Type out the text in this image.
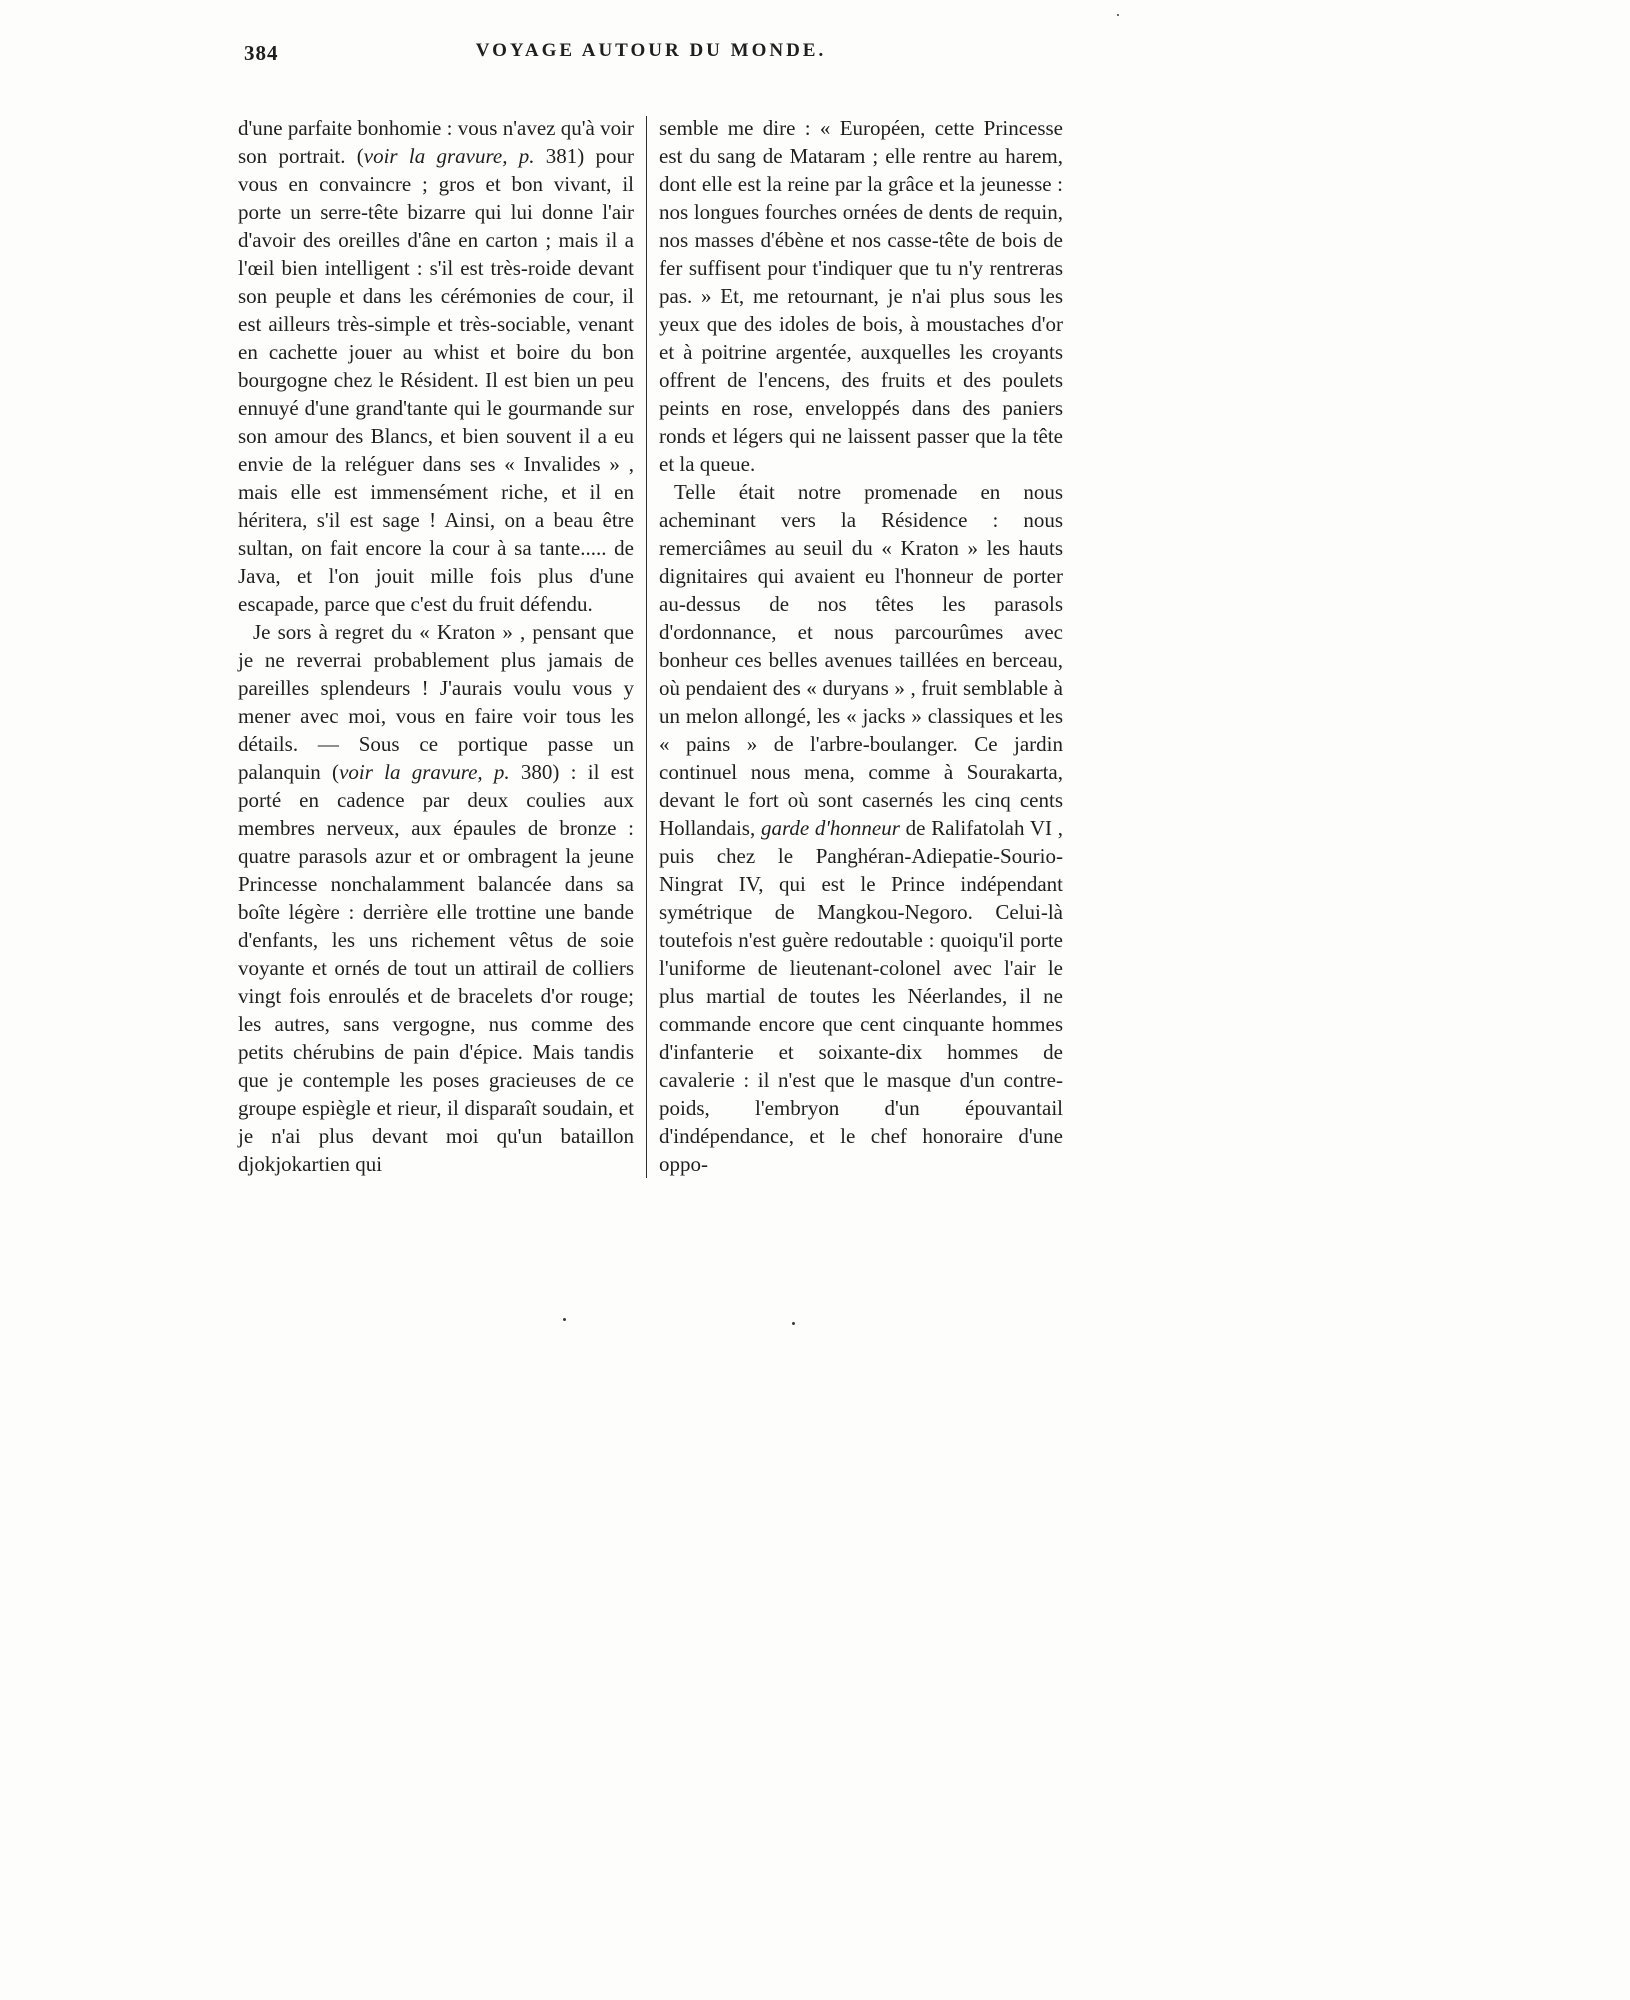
384	VOYAGE AUTOUR DU MONDE.

d'une parfaite bonhomie : vous n'avez qu'à voir son portrait. (voir la gravure, p. 381) pour vous en convaincre ; gros et bon vivant, il porte un serre-tête bizarre qui lui donne l'air d'avoir des oreilles d'âne en carton ; mais il a l'œil bien intelligent : s'il est très-roide devant son peuple et dans les cérémonies de cour, il est ailleurs très-simple et très-sociable, venant en cachette jouer au whist et boire du bon bourgogne chez le Résident. Il est bien un peu ennuyé d'une grand'tante qui le gourmande sur son amour des Blancs, et bien souvent il a eu envie de la reléguer dans ses « Invalides » , mais elle est immensément riche, et il en héritera, s'il est sage ! Ainsi, on a beau être sultan, on fait encore la cour à sa tante..... de Java, et l'on jouit mille fois plus d'une escapade, parce que c'est du fruit défendu.

Je sors à regret du « Kraton » , pensant que je ne reverrai probablement plus jamais de pareilles splendeurs ! J'aurais voulu vous y mener avec moi, vous en faire voir tous les détails. — Sous ce portique passe un palanquin (voir la gravure, p. 380) : il est porté en cadence par deux coulies aux membres nerveux, aux épaules de bronze : quatre parasols azur et or ombragent la jeune Princesse nonchalamment balancée dans sa boîte légère : derrière elle trottine une bande d'enfants, les uns richement vêtus de soie voyante et ornés de tout un attirail de colliers vingt fois enroulés et de bracelets d'or rouge; les autres, sans vergogne, nus comme des petits chérubins de pain d'épice. Mais tandis que je contemple les poses gracieuses de ce groupe espiègle et rieur, il disparaît soudain, et je n'ai plus devant moi qu'un bataillon djokjokartien qui

semble me dire : « Européen, cette Princesse est du sang de Mataram ; elle rentre au harem, dont elle est la reine par la grâce et la jeunesse : nos longues fourches ornées de dents de requin, nos masses d'ébène et nos casse-tête de bois de fer suffisent pour t'indiquer que tu n'y rentreras pas. » Et, me retournant, je n'ai plus sous les yeux que des idoles de bois, à moustaches d'or et à poitrine argentée, auxquelles les croyants offrent de l'encens, des fruits et des poulets peints en rose, enveloppés dans des paniers ronds et légers qui ne laissent passer que la tête et la queue.

Telle était notre promenade en nous acheminant vers la Résidence : nous remerciâmes au seuil du « Kraton » les hauts dignitaires qui avaient eu l'honneur de porter au-dessus de nos têtes les parasols d'ordonnance, et nous parcourûmes avec bonheur ces belles avenues taillées en berceau, où pendaient des « duryans » , fruit semblable à un melon allongé, les « jacks » classiques et les « pains » de l'arbre-boulanger. Ce jardin continuel nous mena, comme à Sourakarta, devant le fort où sont casernés les cinq cents Hollandais, garde d'honneur de Ralifatolah VI , puis chez le Panghéran-Adiepatie-Sourio-Ningrat IV, qui est le Prince indépendant symétrique de Mangkou-Negoro. Celui-là toutefois n'est guère redoutable : quoiqu'il porte l'uniforme de lieutenant-colonel avec l'air le plus martial de toutes les Néerlandes, il ne commande encore que cent cinquante hommes d'infanterie et soixante-dix hommes de cavalerie : il n'est que le masque d'un contre-poids, l'embryon d'un épouvantail d'indépendance, et le chef honoraire d'une oppo-
